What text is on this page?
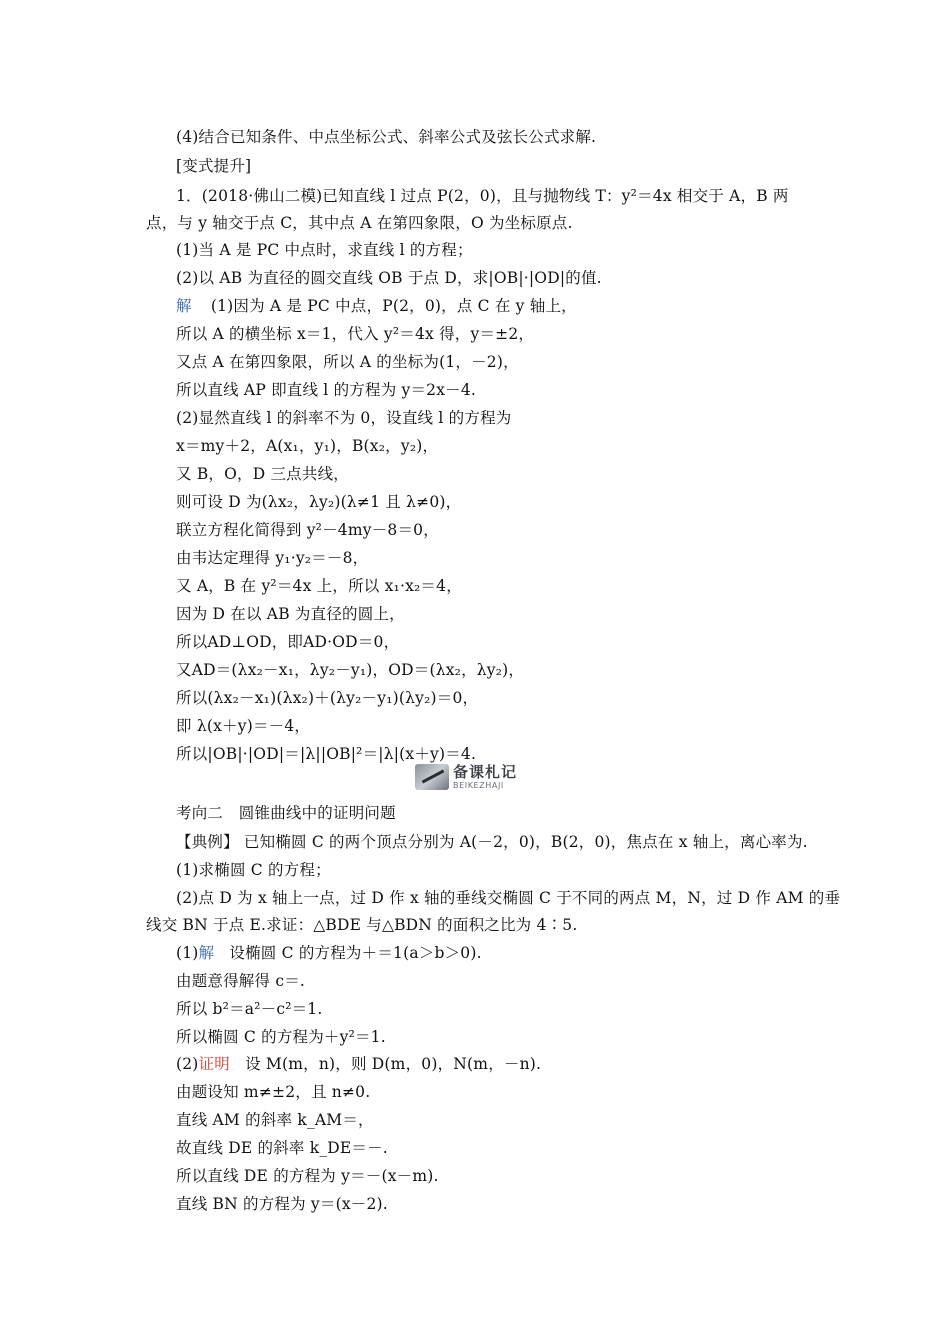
(4)结合已知条件、中点坐标公式、斜率公式及弦长公式求解.
[变式提升]
1．(2018·佛山二模)已知直线 l 过点 P(2，0)，且与抛物线 T：y²＝4x 相交于 A，B 两
点，与 y 轴交于点 C，其中点 A 在第四象限，O 为坐标原点.
(1)当 A 是 PC 中点时，求直线 l 的方程；
(2)以 AB 为直径的圆交直线 OB 于点 D，求|OB|·|OD|的值.
解 (1)因为 A 是 PC 中点，P(2，0)，点 C 在 y 轴上，
所以 A 的横坐标 x＝1，代入 y²＝4x 得，y＝±2，
又点 A 在第四象限，所以 A 的坐标为(1，－2)，
所以直线 AP 即直线 l 的方程为 y＝2x－4.
(2)显然直线 l 的斜率不为 0，设直线 l 的方程为
x＝my＋2，A(x₁，y₁)，B(x₂，y₂)，
又 B，O，D 三点共线，
则可设 D 为(λx₂，λy₂)(λ≠1 且 λ≠0)，
联立方程化简得到 y²－4my－8＝0，
由韦达定理得 y₁·y₂＝－8，
又 A，B 在 y²＝4x 上，所以 x₁·x₂＝4，
因为 D 在以 AB 为直径的圆上，
所以AD⊥OD，即AD·OD＝0，
又AD＝(λx₂－x₁，λy₂－y₁)，OD＝(λx₂，λy₂)，
所以(λx₂－x₁)(λx₂)＋(λy₂－y₁)(λy₂)＝0，
即 λ(x＋y)＝－4，
所以|OB|·|OD|＝|λ||OB|²＝|λ|(x＋y)＝4.
备课札记
BEIKEZHAJI
考向二　圆锥曲线中的证明问题
【典例】 已知椭圆 C 的两个顶点分别为 A(－2，0)，B(2，0)，焦点在 x 轴上，离心率为.
(1)求椭圆 C 的方程；
(2)点 D 为 x 轴上一点，过 D 作 x 轴的垂线交椭圆 C 于不同的两点 M，N，过 D 作 AM 的垂
线交 BN 于点 E.求证：△BDE 与△BDN 的面积之比为 4∶5.
(1)解 设椭圆 C 的方程为＋＝1(a＞b＞0).
由题意得解得 c＝.
所以 b²＝a²－c²＝1.
所以椭圆 C 的方程为＋y²＝1.
(2)证明 设 M(m，n)，则 D(m，0)，N(m，－n).
由题设知 m≠±2，且 n≠0.
直线 AM 的斜率 k_AM＝，
故直线 DE 的斜率 k_DE＝－.
所以直线 DE 的方程为 y＝－(x－m).
直线 BN 的方程为 y＝(x－2).
